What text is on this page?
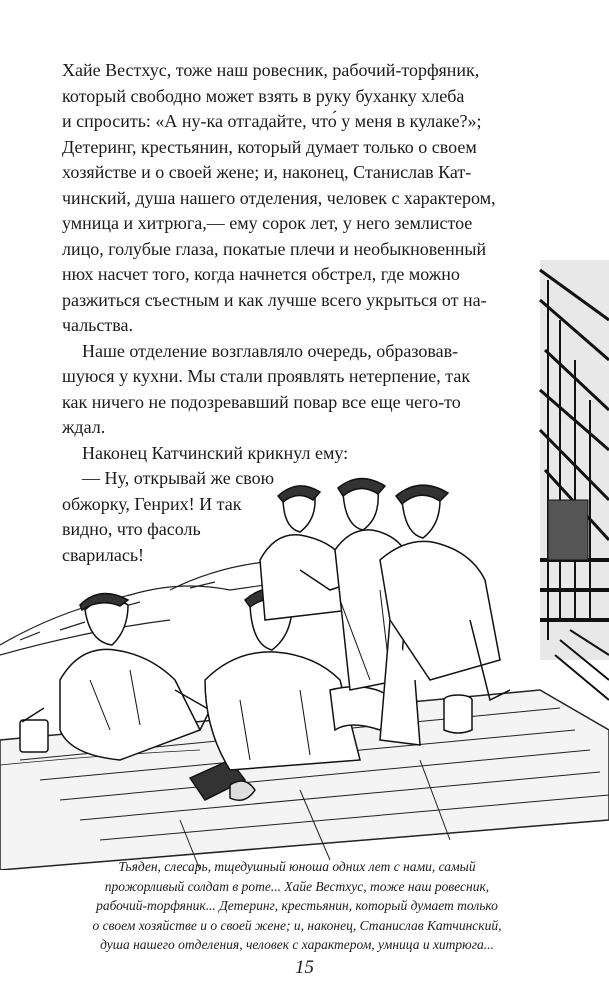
Хайе Вестхус, тоже наш ровесник, рабочий-торфяник,
который свободно может взять в руку буханку хлеба
и спросить: «А ну-ка отгадайте, что́ у меня в кулаке?»;
Детеринг, крестьянин, который думает только о своем
хозяйстве и о своей жене; и, наконец, Станислав Кат-
чинский, душа нашего отделения, человек с характером,
умница и хитрюга,— ему сорок лет, у него землистое
лицо, голубые глаза, покатые плечи и необыкновенный
нюх насчет того, когда начнется обстрел, где можно
разжиться съестным и как лучше всего укрыться от на-
чальства.

Наше отделение возглавляло очередь, образовав-
шуюся у кухни. Мы стали проявлять нетерпение, так
как ничего не подозревавший повар все еще чего-то
ждал.

Наконец Катчинский крикнул ему:

— Ну, открывай же свою
обжорку, Генрих! И так
видно, что фасоль
сварилась!

Тьяден, слесарь, тщедушный юноша одних лет с нами, самый
прожорливый солдат в роте... Хайе Вестхус, тоже наш ровесник,
рабочий-торфяник... Детеринг, крестьянин, который думает только
о своем хозяйстве и о своей жене; и, наконец, Станислав Катчинский,
душа нашего отделения, человек с характером, умница и хитрюга...
15
